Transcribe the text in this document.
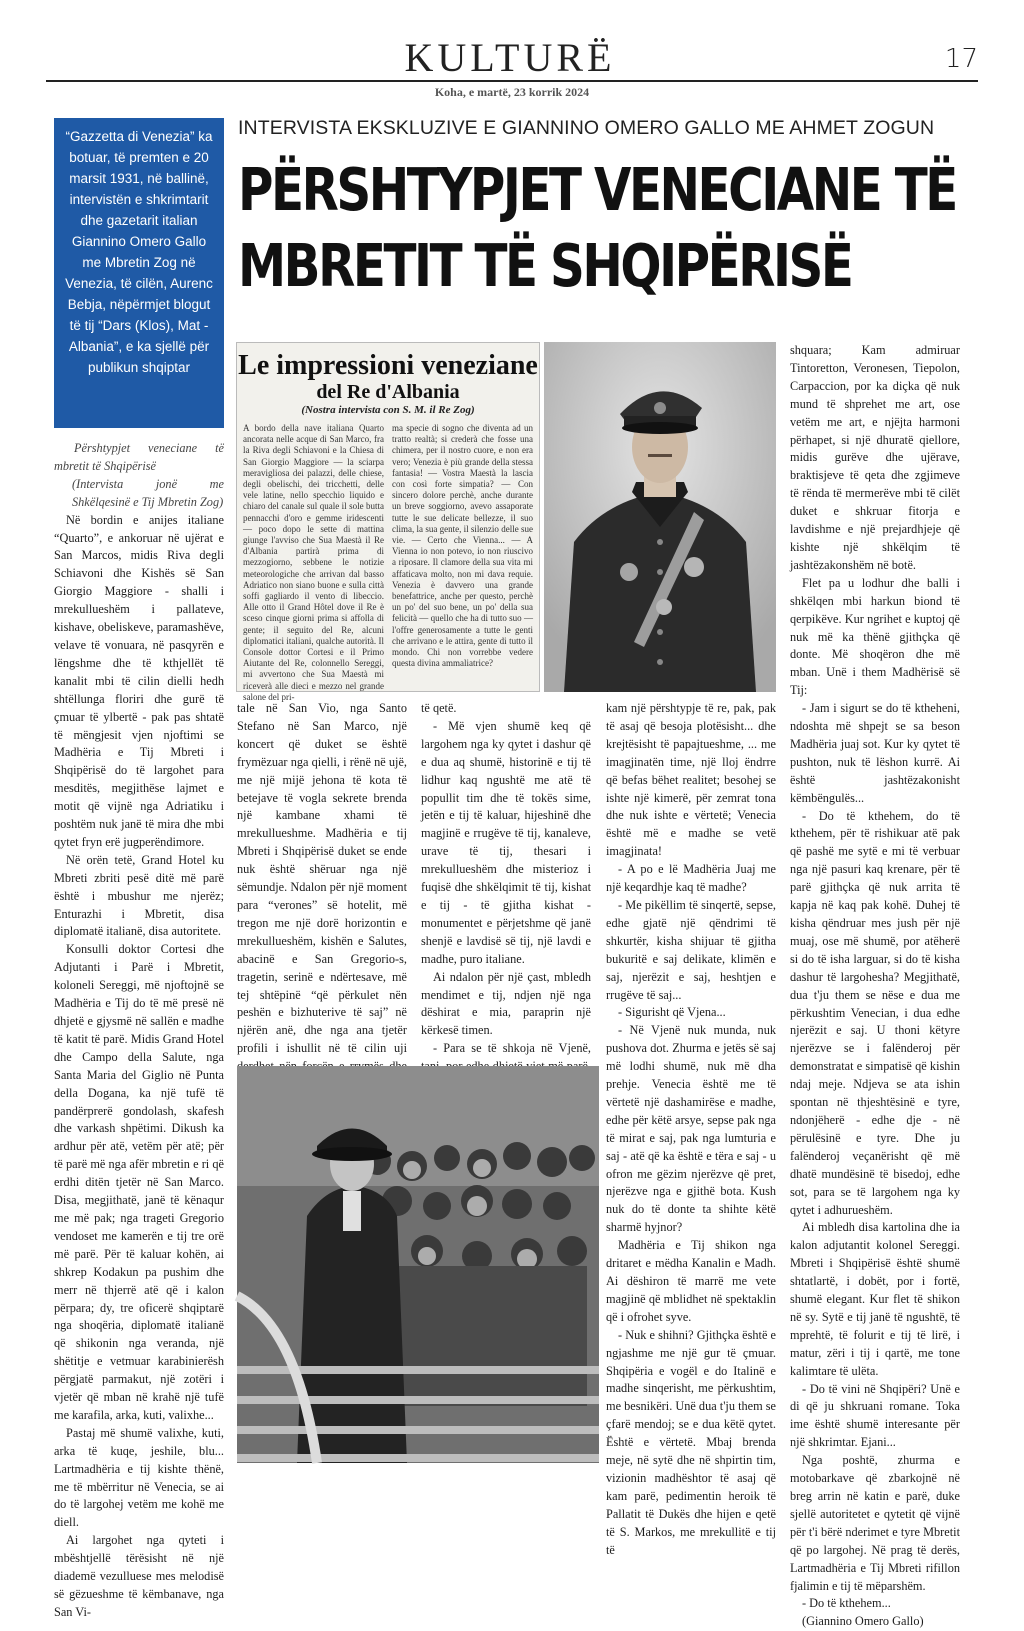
KULTURË	17
Koha, e martë, 23 korrik 2024
“Gazzetta di Venezia” ka botuar, të premten e 20 marsit 1931, në ballinë, intervistën e shkrimtarit dhe gazetarit italian Giannino Omero Gallo me Mbretin Zog në Venezia, të cilën, Aurenc Bebja, nëpërmjet blogut të tij “Dars (Klos), Mat - Albania”, e ka sjellë për publikun shqiptar
INTERVISTA EKSKLUZIVE E GIANNINO OMERO GALLO ME AHMET ZOGUN
PËRSHTYPJET VENECIANE TË
MBRETIT TË SHQIPËRISË

Përshtypjet veneciane të mbretit të Shqipërisë

(Intervista jonë me Shkëlqesinë e Tij Mbretin Zog)

Në bordin e anijes italiane “Quarto”, e ankoruar në ujërat e San Marcos, midis Riva degli Schiavoni dhe Kishës së San Giorgio Maggiore - shalli i mrekullueshëm i pallateve, kishave, obeliskeve, paramashëve, velave të vonuara, në pasqyrën e lëngshme dhe të kthjellët të kanalit mbi të cilin dielli hedh shtëllunga floriri dhe gurë të çmuar të ylbertë - pak pas shtatë të mëngjesit vjen njoftimi se Madhëria e Tij Mbreti i Shqipërisë do të largohet para mesditës, megjithëse lajmet e motit që vijnë nga Adriatiku i poshtëm nuk janë të mira dhe mbi qytet fryn erë jugperëndimore.

Në orën tetë, Grand Hotel ku Mbreti zbriti pesë ditë më parë është i mbushur me njerëz; Enturazhi i Mbretit, disa diplomatë italianë, disa autoritete.

Konsulli doktor Cortesi dhe Adjutanti i Parë i Mbretit, koloneli Sereggi, më njoftojnë se Madhëria e Tij do të më presë në dhjetë e gjysmë në sallën e madhe të katit të parë. Midis Grand Hotel dhe Campo della Salute, nga Santa Maria del Giglio në Punta della Dogana, ka një tufë të pandërprerë gondolash, skafesh dhe varkash shpëtimi. Dikush ka ardhur për atë, vetëm për atë; për të parë më nga afër mbretin e ri që erdhi ditën tjetër në San Marco. Disa, megjithatë, janë të kënaqur me më pak; nga trageti Gregorio vendoset me kamerën e tij tre orë më parë. Për të kaluar kohën, ai shkrep Kodakun pa pushim dhe merr në thjerrë atë që i kalon përpara; dy, tre oficerë shqiptarë nga shoqëria, diplomatë italianë që shikonin nga veranda, një shëtitje e vetmuar karabinierësh përgjatë parmakut, një zotëri i vjetër që mban në krahë një tufë me karafila, arka, kuti, valixhe...

Pastaj më shumë valixhe, kuti, arka të kuqe, jeshile, blu... Lartmadhëria e tij kishte thënë, me të mbërritur në Venecia, se ai do të largohej vetëm me kohë me diell.

Ai largohet nga qyteti i mbështjellë tërësisht në një diademë vezulluese mes melodisë së gëzueshme të këmbanave, nga San Vi-

Le impressioni veneziane
del Re d'Albania
(Nostra intervista con S. M. il Re Zog)
A bordo della nave italiana Quarto ancorata nelle acque di San Marco, fra la Riva degli Schiavoni e la Chiesa di San Giorgio Maggiore — la sciarpa meravigliosa dei palazzi, delle chiese, degli obelischi, dei tricchetti, delle vele latine, nello specchio liquido e chiaro del canale sul quale il sole butta pennacchi d'oro e gemme iridescenti — poco dopo le sette di mattina giunge l'avviso che Sua Maestà il Re d'Albania partirà prima di mezzogiorno, sebbene le notizie meteorologiche che arrivan dal basso Adriatico non siano buone e sulla città soffi gagliardo il vento di libeccio. Alle otto il Grand Hôtel dove il Re è sceso cinque giorni prima si affolla di gente; il seguito del Re, alcuni diplomatici italiani, qualche autorità. Il Console dottor Cortesi e il Primo Aiutante del Re, colonnello Sereggi, mi avvertono che Sua Maestà mi riceverà alle dieci e mezzo nel grande salone del pri-
ma specie di sogno che diventa ad un tratto realtà; si crederà che fosse una chimera, per il nostro cuore, e non era vero; Venezia è più grande della stessa fantasia! — Vostra Maestà la lascia con così forte simpatia? — Con sincero dolore perchè, anche durante un breve soggiorno, avevo assaporate tutte le sue delicate bellezze, il suo clima, la sua gente, il silenzio delle sue vie. — Certo che Vienna... — A Vienna io non potevo, io non riuscivo a riposare. Il clamore della sua vita mi affaticava molto, non mi dava requie. Venezia è davvero una grande benefattrice, anche per questo, perchè un po' del suo bene, un po' della sua felicità — quello che ha di tutto suo — l'offre generosamente a tutte le genti che arrivano e le attira, gente di tutto il mondo. Chi non vorrebbe vedere questa divina ammaliatrice?

tale në San Vio, nga Santo Stefano në San Marco, një koncert që duket se është frymëzuar nga qielli, i rënë në ujë, me një mijë jehona të kota të betejave të vogla sekrete brenda një kambane xhami të mrekullueshme. Madhëria e tij Mbreti i Shqipërisë duket se ende nuk është shëruar nga një sëmundje. Ndalon për një moment para “verones” së hotelit, më tregon me një dorë horizontin e mrekullueshëm, kishën e Salutes, abacinë e San Gregorio-s, tragetin, serinë e ndërtesave, më tej shtëpinë “që përkulet nën peshën e bizhuterive të saj” në njërën anë, dhe nga ana tjetër profili i ishullit në të cilin uji

të qetë.

- Më vjen shumë keq që largohem nga ky qytet i dashur që e dua aq shumë, historinë e tij të lidhur kaq ngushtë me atë të popullit tim dhe të tokës sime, jetën e tij të kaluar, hijeshinë dhe magjinë e rrugëve të tij, kanaleve, urave të tij, thesari i mrekullueshëm dhe misterioz i fuqisë dhe shkëlqimit të tij, kishat e tij - të gjitha kishat - monumentet e përjetshme që janë shenjë e lavdisë së tij, një lavdi e madhe, puro italiane.

Ai ndalon për një çast, mbledh mendimet e tij, ndjen një nga dëshirat e mia, paraprin një kërkesë timen.

- Para se të shkoja në Vjenë,

kam një përshtypje të re, pak, pak të asaj që besoja plotësisht... dhe krejtësisht të papajtueshme, ... me imagjinatën time, një lloj ëndrre që befas bëhet realitet; besohej se ishte një kimerë, për zemrat tona dhe nuk ishte e vërtetë; Venecia është më e madhe se vetë imagjinata!

- A po e lë Madhëria Juaj me një keqardhje kaq të madhe?

- Me pikëllim të sinqertë, sepse, edhe gjatë një qëndrimi të shkurtër, kisha shijuar të gjitha bukuritë e saj delikate, klimën e saj, njerëzit e saj, heshtjen e rrugëve të saj...

- Sigurisht që Vjena...

- Në Vjenë nuk munda, nuk pushova dot. Zhurma e jetës së saj më lodhi shumë, nuk më dha prehje. Venecia është me të vërtetë një dashamirëse e madhe, edhe për këtë arsye, sepse pak nga të mirat e saj, pak nga lumturia e saj - atë që ka është e tëra e saj - u ofron me gëzim njerëzve që pret, njerëzve nga e gjithë bota. Kush nuk do të donte ta shihte këtë sharmë hyjnor?

Madhëria e Tij shikon nga dritaret e mëdha Kanalin e Madh. Ai dëshiron të marrë me vete magjinë që mblidhet në spektaklin që i ofrohet syve.

- Nuk e shihni? Gjithçka është e ngjashme me një gur të çmuar. Shqipëria e vogël e do Italinë e madhe sinqerisht, me përkushtim, me besnikëri. Unë dua t'ju them se çfarë mendoj; se e dua këtë qytet. Është e vërtetë. Mbaj brenda meje, në sytë dhe në shpirtin tim, vizionin madhështor të asaj që kam parë, pedimentin heroik të Pallatit të Dukës dhe hijen e qetë të S. Markos, me mrekullitë e tij të

shquara; Kam admiruar Tintoretton, Veronesen, Tiepolon, Carpaccion, por ka diçka që nuk mund të shprehet me art, ose vetëm me art, e njëjta harmoni përhapet, si një dhuratë qiellore, midis gurëve dhe ujërave, braktisjeve të qeta dhe zgjimeve të rënda të mermerëve mbi të cilët duket e shkruar fitorja e lavdishme e një prejardhjeje që kishte një shkëlqim të jashtëzakonshëm në botë.

Flet pa u lodhur dhe balli i shkëlqen mbi harkun biond të qerpikëve. Kur ngrihet e kuptoj që nuk më ka thënë gjithçka që donte. Më shoqëron dhe më mban. Unë i them Madhërisë së Tij:

- Jam i sigurt se do të ktheheni, ndoshta më shpejt se sa beson Madhëria juaj sot. Kur ky qytet të pushton, nuk të lëshon kurrë. Ai është jashtëzakonisht këmbëngulës...

- Do të kthehem, do të kthehem, për të rishikuar atë pak që pashë me sytë e mi të verbuar nga një pasuri kaq krenare, për të parë gjithçka që nuk arrita të kapja në kaq pak kohë. Duhej të kisha qëndruar mes jush për një muaj, ose më shumë, por atëherë si do të isha larguar, si do të kisha dashur të largohesha? Megjithatë, dua t'ju them se nëse e dua me përkushtim Venecian, i dua edhe njerëzit e saj. U thoni këtyre njerëzve se i falënderoj për demonstratat e simpatisë që kishin ndaj meje. Ndjeva se ata ishin spontan në thjeshtësinë e tyre, ndonjëherë - edhe dje - në përulësinë e tyre. Dhe ju falënderoj veçanërisht që më dhatë mundësinë të bisedoj, edhe sot, para se të largohem nga ky qytet i adhurueshëm.

Ai mbledh disa kartolina dhe ia kalon adjutantit kolonel Sereggi. Mbreti i Shqipërisë është shumë shtatlartë, i dobët, por i fortë, shumë elegant. Kur flet të shikon në sy. Sytë e tij janë të ngushtë, të mprehtë, të folurit e tij të lirë, i matur, zëri i tij i qartë, me tone kalimtare të ulëta.

- Do të vini në Shqipëri? Unë e di që ju shkruani romane. Toka ime është shumë interesante për një shkrimtar. Ejani...

Nga poshtë, zhurma e motobarkave që zbarkojnë në breg arrin në katin e parë, duke sjellë autoritetet e qytetit që vijnë për t'i bërë nderimet e tyre Mbretit që po largohej. Në prag të derës, Lartmadhëria e Tij Mbreti rifillon fjalimin e tij të mëparshëm.

- Do të kthehem...

(Giannino Omero Gallo)
